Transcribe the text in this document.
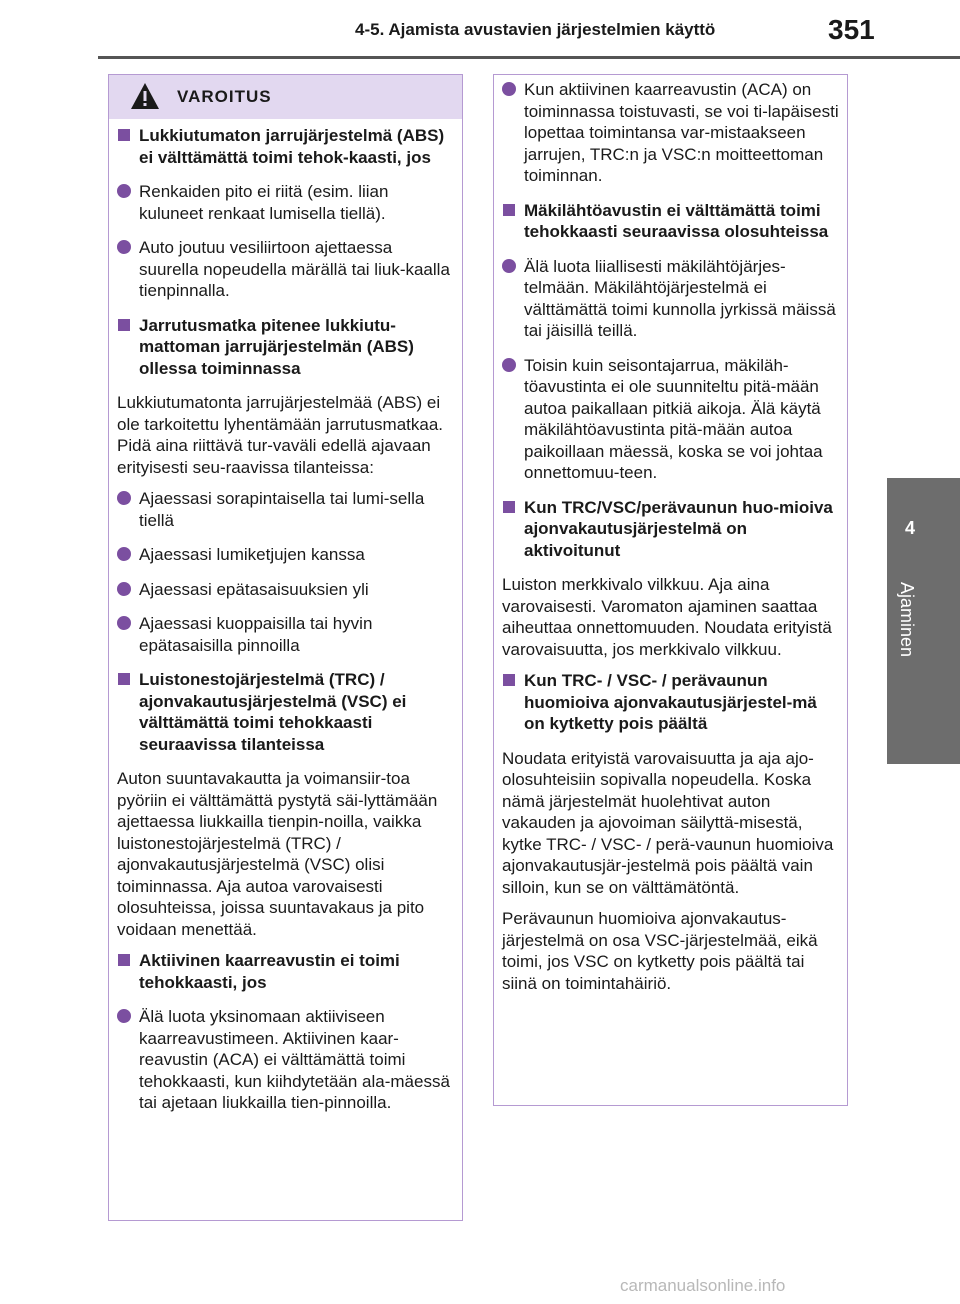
4-5. Ajamista avustavien järjestelmien käyttö	351
4
Ajaminen
VAROITUS
Lukkiutumaton jarrujärjestelmä (ABS) ei välttämättä toimi tehok-kaasti, jos
Renkaiden pito ei riitä (esim. liian kuluneet renkaat lumisella tiellä).
Auto joutuu vesiliirtoon ajettaessa suurella nopeudella märällä tai liuk-kaalla tienpinnalla.
Jarrutusmatka pitenee lukkiutu-mattoman jarrujärjestelmän (ABS) ollessa toiminnassa
Lukkiutumatonta jarrujärjestelmää (ABS) ei ole tarkoitettu lyhentämään jarrutusmatkaa. Pidä aina riittävä tur-vaväli edellä ajavaan erityisesti seu-raavissa tilanteissa:
Ajaessasi sorapintaisella tai lumi-sella tiellä
Ajaessasi lumiketjujen kanssa
Ajaessasi epätasaisuuksien yli
Ajaessasi kuoppaisilla tai hyvin epätasaisilla pinnoilla
Luistonestojärjestelmä (TRC) / ajonvakautusjärjestelmä (VSC) ei välttämättä toimi tehokkaasti seuraavissa tilanteissa
Auton suuntavakautta ja voimansiir-toa pyöriin ei välttämättä pystytä säi-lyttämään ajettaessa liukkailla tienpin-noilla, vaikka luistonestojärjestelmä (TRC) / ajonvakautusjärjestelmä (VSC) olisi toiminnassa. Aja autoa varovaisesti olosuhteissa, joissa suuntavakaus ja pito voidaan menettää.
Aktiivinen kaarreavustin ei toimi tehokkaasti, jos
Älä luota yksinomaan aktiiviseen kaarreavustimeen. Aktiivinen kaar-reavustin (ACA) ei välttämättä toimi tehokkaasti, kun kiihdytetään ala-mäessä tai ajetaan liukkailla tien-pinnoilla.
Kun aktiivinen kaarreavustin (ACA) on toiminnassa toistuvasti, se voi ti-lapäisesti lopettaa toimintansa var-mistaakseen jarrujen, TRC:n ja VSC:n moitteettoman toiminnan.
Mäkilähtöavustin ei välttämättä toimi tehokkaasti seuraavissa olosuhteissa
Älä luota liiallisesti mäkilähtöjärjes-telmään. Mäkilähtöjärjestelmä ei välttämättä toimi kunnolla jyrkissä mäissä tai jäisillä teillä.
Toisin kuin seisontajarrua, mäkiläh-töavustinta ei ole suunniteltu pitä-mään autoa paikallaan pitkiä aikoja. Älä käytä mäkilähtöavustinta pitä-mään autoa paikoillaan mäessä, koska se voi johtaa onnettomuu-teen.
Kun TRC/VSC/perävaunun huo-mioiva ajonvakautusjärjestelmä on aktivoitunut
Luiston merkkivalo vilkkuu. Aja aina varovaisesti. Varomaton ajaminen saattaa aiheuttaa onnettomuuden. Noudata erityistä varovaisuutta, jos merkkivalo vilkkuu.
Kun TRC- / VSC- / perävaunun huomioiva ajonvakautusjärjestel-mä on kytketty pois päältä
Noudata erityistä varovaisuutta ja aja ajo-olosuhteisiin sopivalla nopeudella. Koska nämä järjestelmät huolehtivat auton vakauden ja ajovoiman säilyttä-misestä, kytke TRC- / VSC- / perä-vaunun huomioiva ajonvakautusjär-jestelmä pois päältä vain silloin, kun se on välttämätöntä.
Perävaunun huomioiva ajonvakautus-järjestelmä on osa VSC-järjestelmää, eikä toimi, jos VSC on kytketty pois päältä tai siinä on toimintahäiriö.
carmanualsonline.info
